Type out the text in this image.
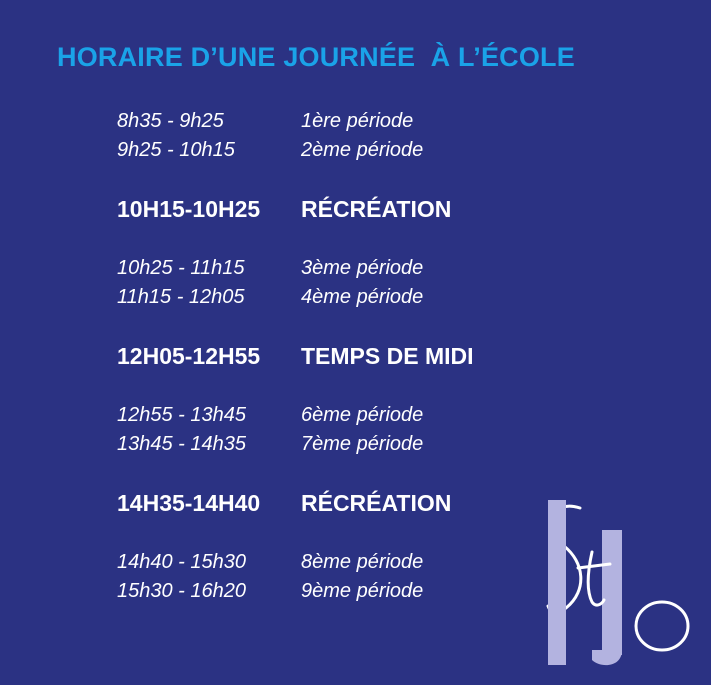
HORAIRE D’UNE JOURNÉE  À L’ÉCOLE
8h35 - 9h25	1ère période
9h25 - 10h15	2ème période
10H15-10H25 RÉCRÉATION
10h25 - 11h15	3ème période
11h15 - 12h05	4ème période
12H05-12H55 TEMPS DE MIDI
12h55 - 13h45	6ème période
13h45 - 14h35	7ème période
14H35-14H40 RÉCRÉATION
14h40 - 15h30	8ème période
15h30 - 16h20	9ème période
